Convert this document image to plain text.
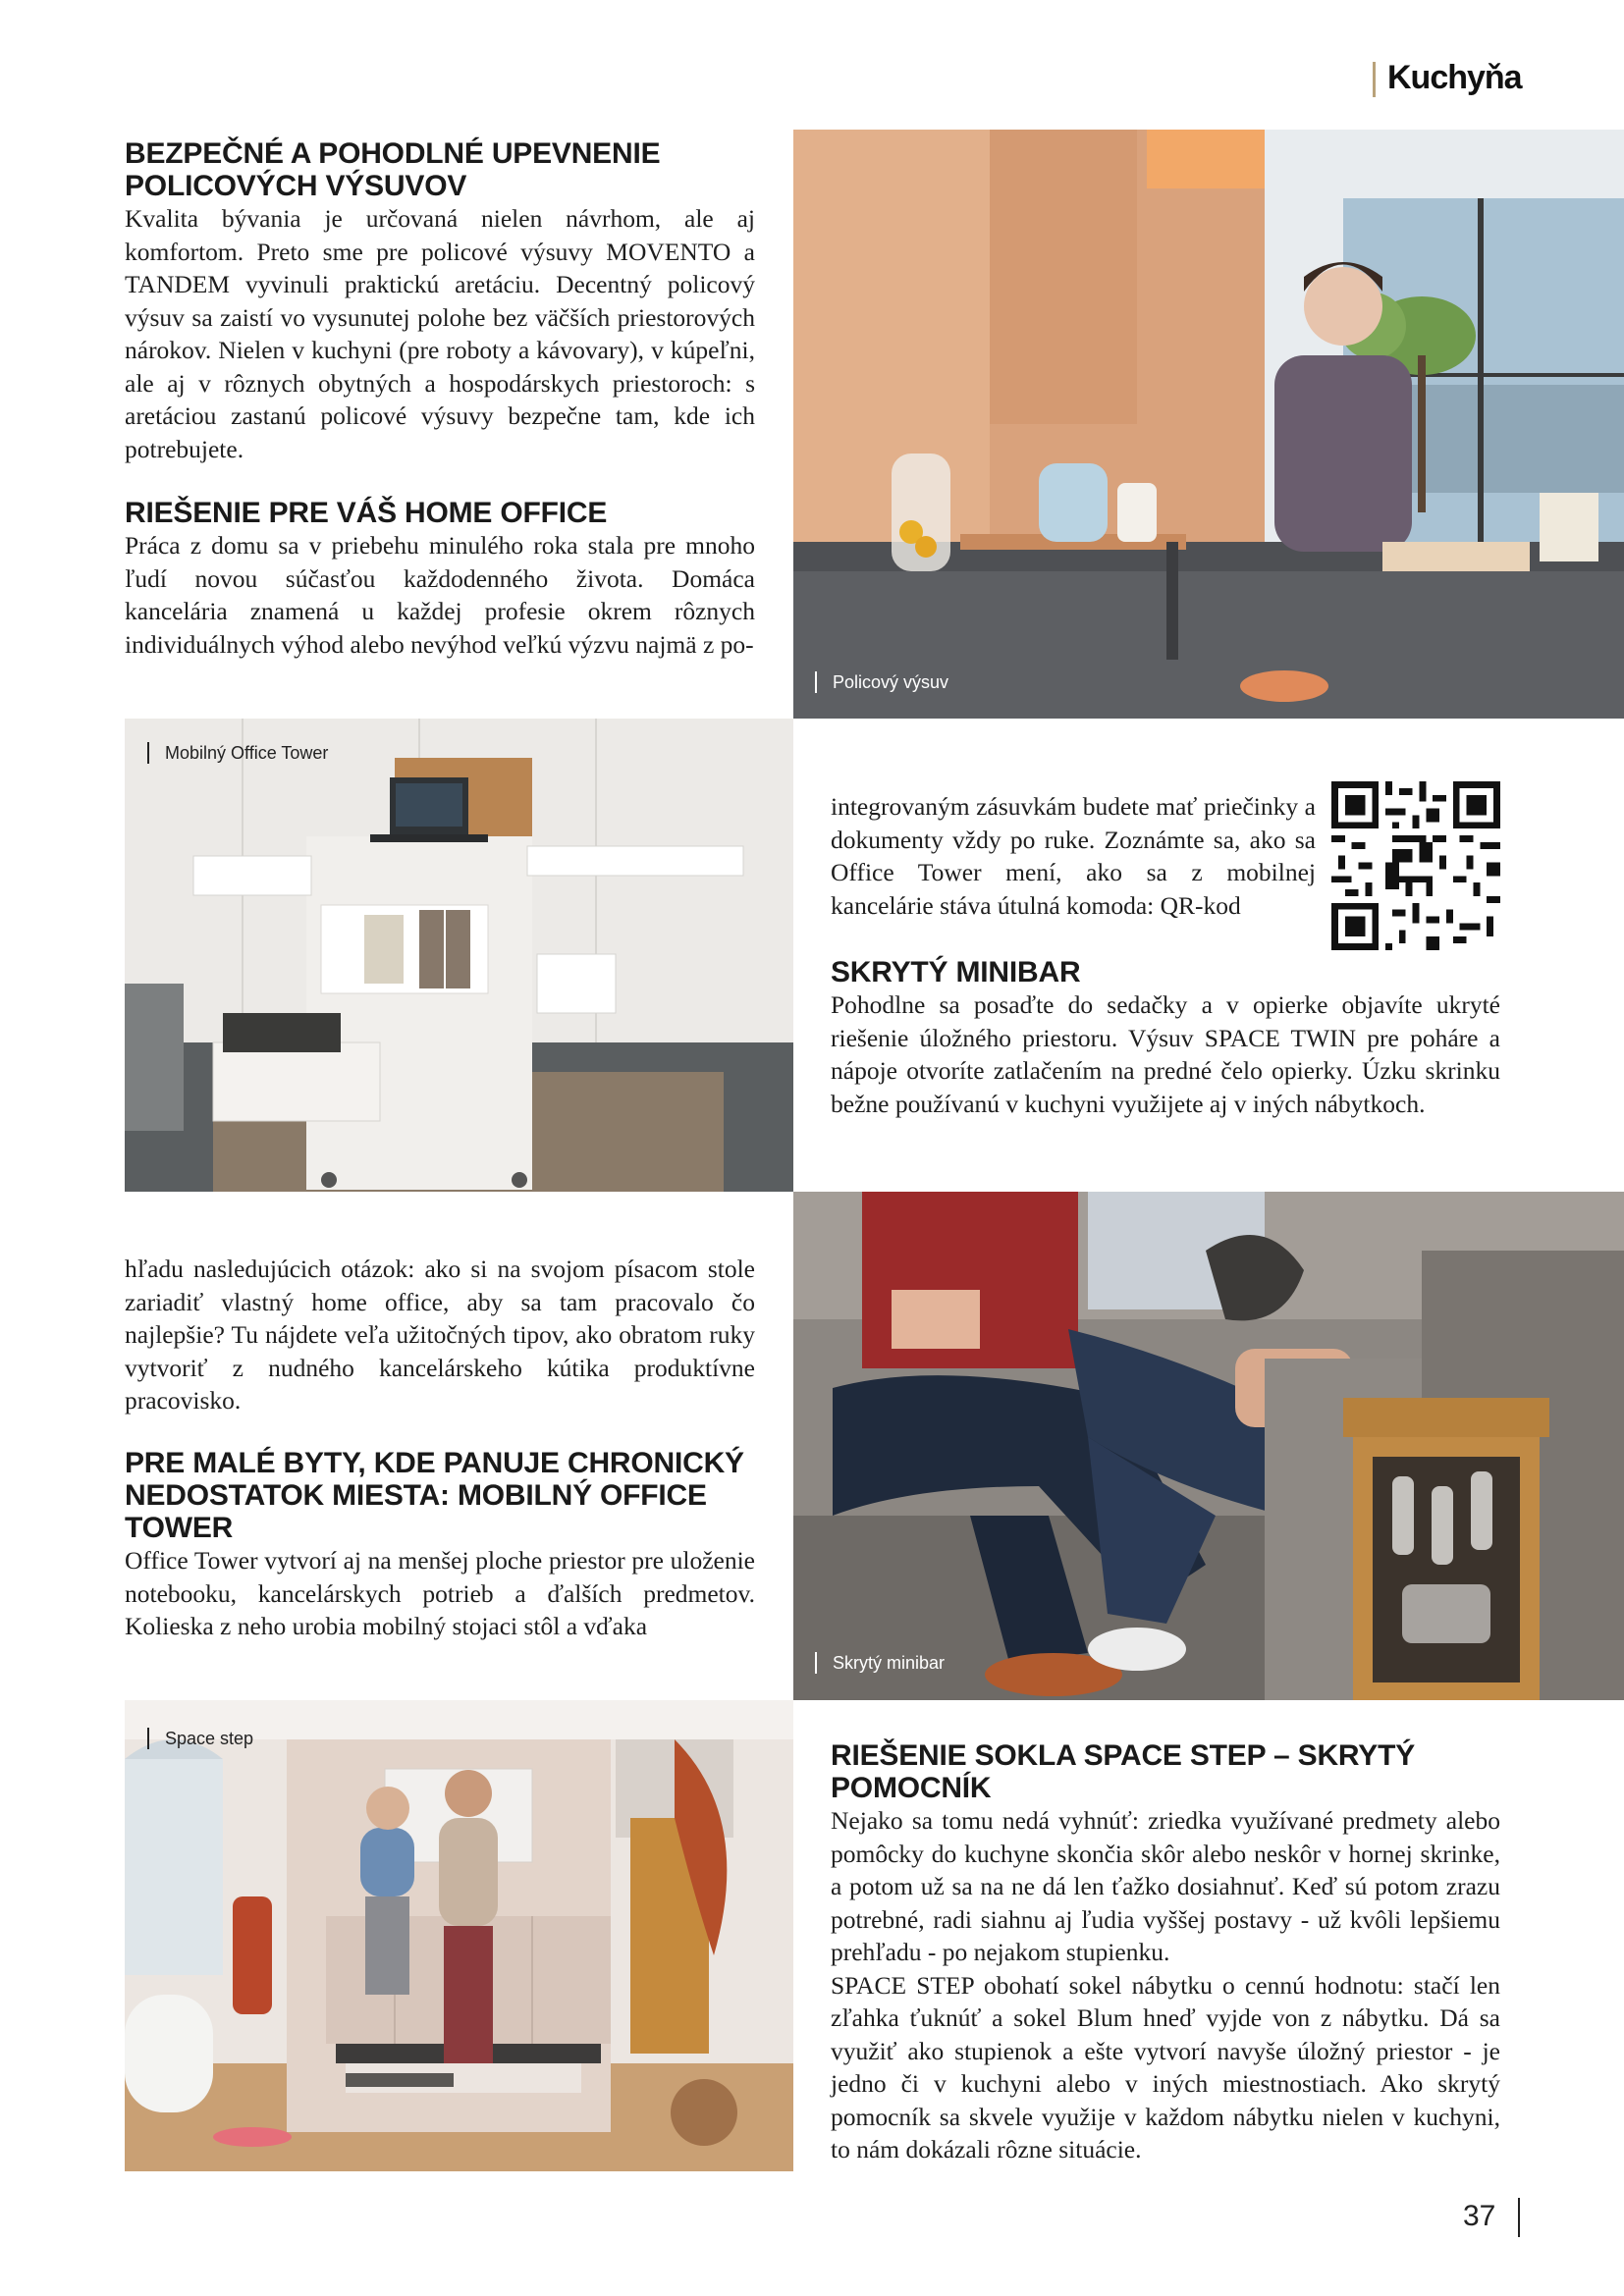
Kuchyňa
BEZPEČNÉ A POHODLNÉ UPEVNENIE POLICOVÝCH VÝSUVOV

Kvalita bývania je určovaná nielen návrhom, ale aj komfortom. Preto sme pre policové výsuvy MOVENTO a TANDEM vyvinuli praktickú aretáciu. Decentný policový výsuv sa zaistí vo vysunutej polohe bez väčších priestorových nárokov. Nielen v kuchyni (pre roboty a kávovary), v kúpeľni, ale aj v rôznych obytných a hospodárskych priestoroch: s aretáciou zastanú policové výsuvy bezpečne tam, kde ich potrebujete.

RIEŠENIE PRE VÁŠ HOME OFFICE

Práca z domu sa v priebehu minulého roka stala pre mnoho ľudí novou súčasťou každodenného života. Domáca kancelária znamená u každej profesie okrem rôznych individuálnych výhod alebo nevýhod veľkú výzvu najmä z po-

Policový výsuv
Mobilný Office Tower

integrovaným zásuvkám budete mať priečinky a dokumenty vždy po ruke. Zoznámte sa, ako sa Office Tower mení, ako sa z mobilnej kancelárie stáva útulná komoda: QR-kod

SKRYTÝ MINIBAR

Pohodlne sa posaďte do sedačky a v opierke objavíte ukryté riešenie úložného priestoru. Výsuv SPACE TWIN pre poháre a nápoje otvoríte zatlačením na predné čelo opierky. Úzku skrinku bežne používanú v kuchyni využijete aj v iných nábytkoch.

hľadu nasledujúcich otázok: ako si na svojom písacom stole zariadiť vlastný home office, aby sa tam pracovalo čo najlepšie? Tu nájdete veľa užitočných tipov, ako obratom ruky vytvoriť z nudného kancelárskeho kútika produktívne pracovisko.

PRE MALÉ BYTY, KDE PANUJE CHRONICKÝ NEDOSTATOK MIESTA: MOBILNÝ OFFICE TOWER

Office Tower vytvorí aj na menšej ploche priestor pre uloženie notebooku, kancelárskych potrieb a ďalších predmetov. Kolieska z neho urobia mobilný stojaci stôl a vďaka

Skrytý minibar
Space step
RIEŠENIE SOKLA SPACE STEP – SKRYTÝ POMOCNÍK

Nejako sa tomu nedá vyhnúť: zriedka využívané predmety alebo pomôcky do kuchyne skončia skôr alebo neskôr v hornej skrinke, a potom už sa na ne dá len ťažko dosiahnuť. Keď sú potom zrazu potrebné, radi siahnu aj ľudia vyššej postavy - už kvôli lepšiemu prehľadu - po nejakom stupienku.

SPACE STEP obohatí sokel nábytku o cennú hodnotu: stačí len zľahka ťuknúť a sokel Blum hneď vyjde von z nábytku. Dá sa využiť ako stupienok a ešte vytvorí navyše úložný priestor - je jedno či v kuchyni alebo v iných miestnostiach. Ako skrytý pomocník sa skvele využije v každom nábytku nielen v kuchyni, to nám dokázali rôzne situácie.

37
